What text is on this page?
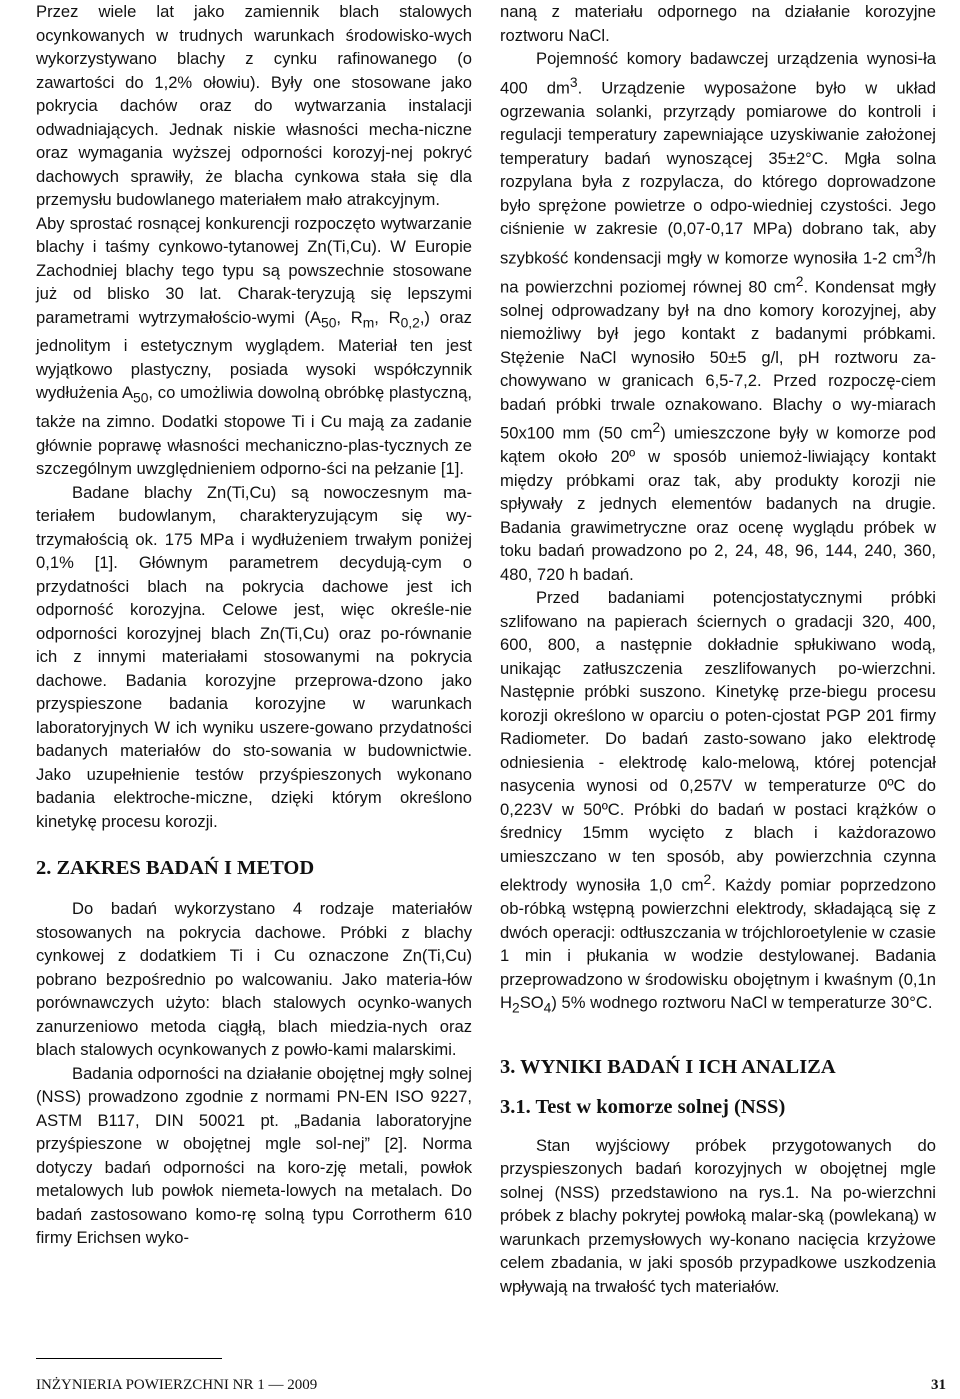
Przez wiele lat jako zamiennik blach stalowych ocynkowanych w trudnych warunkach środowisko-wych wykorzystywano blachy z cynku rafinowanego (o zawartości do 1,2% ołowiu). Były one stosowane jako pokrycia dachów oraz do wytwarzania instalacji odwadniających. Jednak niskie własności mecha-niczne oraz wymagania wyższej odporności korozyj-nej pokryć dachowych sprawiły, że blacha cynkowa stała się dla przemysłu budowlanego materiałem mało atrakcyjnym.

Aby sprostać rosnącej konkurencji rozpoczęto wytwarzanie blachy i taśmy cynkowo-tytanowej Zn(Ti,Cu). W Europie Zachodniej blachy tego typu są powszechnie stosowane już od blisko 30 lat. Charak-teryzują się lepszymi parametrami wytrzymałościo-wymi ($A_{50}$, $R_m$, $R_{0,2}$,) oraz jednolitym i estetycznym wyglądem. Materiał ten jest wyjątkowo plastyczny, posiada wysoki współczynnik wydłużenia $A_{50}$, co umożliwia dowolną obróbkę plastyczną, także na zimno. Dodatki stopowe Ti i Cu mają za zadanie głównie poprawę własności mechaniczno-plas-tycznych ze szczególnym uwzględnieniem odporno-ści na pełzanie [1].

Badane blachy Zn(Ti,Cu) są nowoczesnym ma-teriałem budowlanym, charakteryzującym się wy-trzymałością ok. 175 MPa i wydłużeniem trwałym poniżej 0,1% [1]. Głównym parametrem decydują-cym o przydatności blach na pokrycia dachowe jest ich odporność korozyjna. Celowe jest, więc określe-nie odporności korozyjnej blach Zn(Ti,Cu) oraz po-równanie ich z innymi materiałami stosowanymi na pokrycia dachowe. Badania korozyjne przeprowa-dzono jako przyspieszone badania korozyjne w warunkach laboratoryjnych W ich wyniku uszere-gowano przydatności badanych materiałów do sto-sowania w budownictwie. Jako uzupełnienie testów przyśpieszonych wykonano badania elektroche-miczne, dzięki którym określono kinetykę procesu korozji.

2. ZAKRES BADAŃ I METOD

Do badań wykorzystano 4 rodzaje materiałów stosowanych na pokrycia dachowe. Próbki z blachy cynkowej z dodatkiem Ti i Cu oznaczone Zn(Ti,Cu) pobrano bezpośrednio po walcowaniu. Jako materia-łów porównawczych użyto: blach stalowych ocynko-wanych zanurzeniowo metoda ciągłą, blach miedzia-nych oraz blach stalowych ocynkowanych z powło-kami malarskimi.

Badania odporności na działanie obojętnej mgły solnej (NSS) prowadzono zgodnie z normami PN-EN ISO 9227, ASTM B117, DIN 50021 pt. „Badania laboratoryjne przyśpieszone w obojętnej mgle sol-nej” [2]. Norma dotyczy badań odporności na koro-zję metali, powłok metalowych lub powłok niemeta-lowych na metalach. Do badań zastosowano komo-rę solną typu Corrotherm 610 firmy Erichsen wyko-

naną z materiału odpornego na działanie korozyjne roztworu NaCl.

Pojemność komory badawczej urządzenia wynosi-ła 400 $dm^3$. Urządzenie wyposażone było w układ ogrzewania solanki, przyrządy pomiarowe do kontroli i regulacji temperatury zapewniające uzyskiwanie założonej temperatury badań wynoszącej 35±2°C. Mgła solna rozpylana była z rozpylacza, do którego doprowadzone było sprężone powietrze o odpo-wiedniej czystości. Jego ciśnienie w zakresie (0,07-0,17 MPa) dobrano tak, aby szybkość kondensacji mgły w komorze wynosiła 1-2 $cm^3/h$ na powierzchni poziomej równej 80 $cm^2$. Kondensat mgły solnej odprowadzany był na dno komory korozyjnej, aby niemożliwy był jego kontakt z badanymi próbkami. Stężenie NaCl wynosiło 50±5 g/l, pH roztworu za-chowywano w granicach 6,5-7,2. Przed rozpoczę-ciem badań próbki trwale oznakowano. Blachy o wy-miarach 50x100 mm (50 $cm^2$) umieszczone były w komorze pod kątem około 20º w sposób uniemoż-liwiający kontakt między próbkami oraz tak, aby produkty korozji nie spływały z jednych elementów badanych na drugie. Badania grawimetryczne oraz ocenę wyglądu próbek w toku badań prowadzono po 2, 24, 48, 96, 144, 240, 360, 480, 720 h badań.

Przed badaniami potencjostatycznymi próbki szlifowano na papierach ściernych o gradacji 320, 400, 600, 800, a następnie dokładnie spłukiwano wodą, unikając zatłuszczenia zeszlifowanych po-wierzchni. Następnie próbki suszono. Kinetykę prze-biegu procesu korozji określono w oparciu o poten-cjostat PGP 201 firmy Radiometer. Do badań zasto-sowano jako elektrodę odniesienia - elektrodę kalo-melową, której potencjał nasycenia wynosi od 0,257V w temperaturze 0ºC do 0,223V w 50ºC. Próbki do badań w postaci krążków o średnicy 15mm wycięto z blach i każdorazowo umieszczano w ten sposób, aby powierzchnia czynna elektrody wynosiła 1,0 $cm^2$. Każdy pomiar poprzedzono ob-róbką wstępną powierzchni elektrody, składającą się z dwóch operacji: odtłuszczania w trójchloroetylenie w czasie 1 min i płukania w wodzie destylowanej. Badania przeprowadzono w środowisku obojętnym i kwaśnym (0,1n $H_2SO_4$) 5% wodnego roztworu NaCl w temperaturze 30°C.

3. WYNIKI BADAŃ I ICH ANALIZA
3.1. Test w komorze solnej (NSS)

Stan wyjściowy próbek przygotowanych do przyspieszonych badań korozyjnych w obojętnej mgle solnej (NSS) przedstawiono na rys.1. Na po-wierzchni próbek z blachy pokrytej powłoką malar-ską (powlekaną) w warunkach przemysłowych wy-konano nacięcia krzyżowe celem zbadania, w jaki sposób przypadkowe uszkodzenia wpływają na trwałość tych materiałów.

INŻYNIERIA POWIERZCHNI NR 1 — 2009	31
